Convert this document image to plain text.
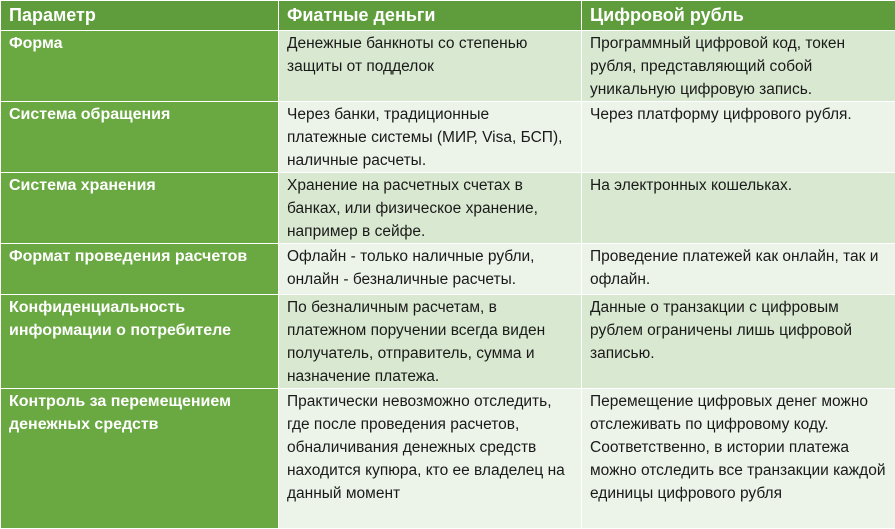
Параметр	Фиатные деньги	Цифровой рубль
Форма	Денежные банкноты со степенью защиты от подделок	Программный цифровой код, токен рубля, представляющий собой уникальную цифровую запись.
Система обращения	Через банки, традиционные платежные системы (МИР, Visa, БСП), наличные расчеты.	Через платформу цифрового рубля.
Система хранения	Хранение на расчетных счетах в банках, или физическое хранение, например в сейфе.	На электронных кошельках.
Формат проведения расчетов	Офлайн - только наличные рубли, онлайн - безналичные расчеты.	Проведение платежей как онлайн, так и офлайн.
Конфиденциальность информации о потребителе	По безналичным расчетам, в платежном поручении всегда виден получатель, отправитель, сумма и назначение платежа.	Данные о транзакции с цифровым рублем ограничены лишь цифровой записью.
Контроль за перемещением денежных средств	Практически невозможно отследить, где после проведения расчетов, обналичивания денежных средств находится купюра, кто ее владелец на данный момент	Перемещение цифровых денег можно отслеживать по цифровому коду. Соответственно, в истории платежа можно отследить все транзакции каждой единицы цифрового рубля
